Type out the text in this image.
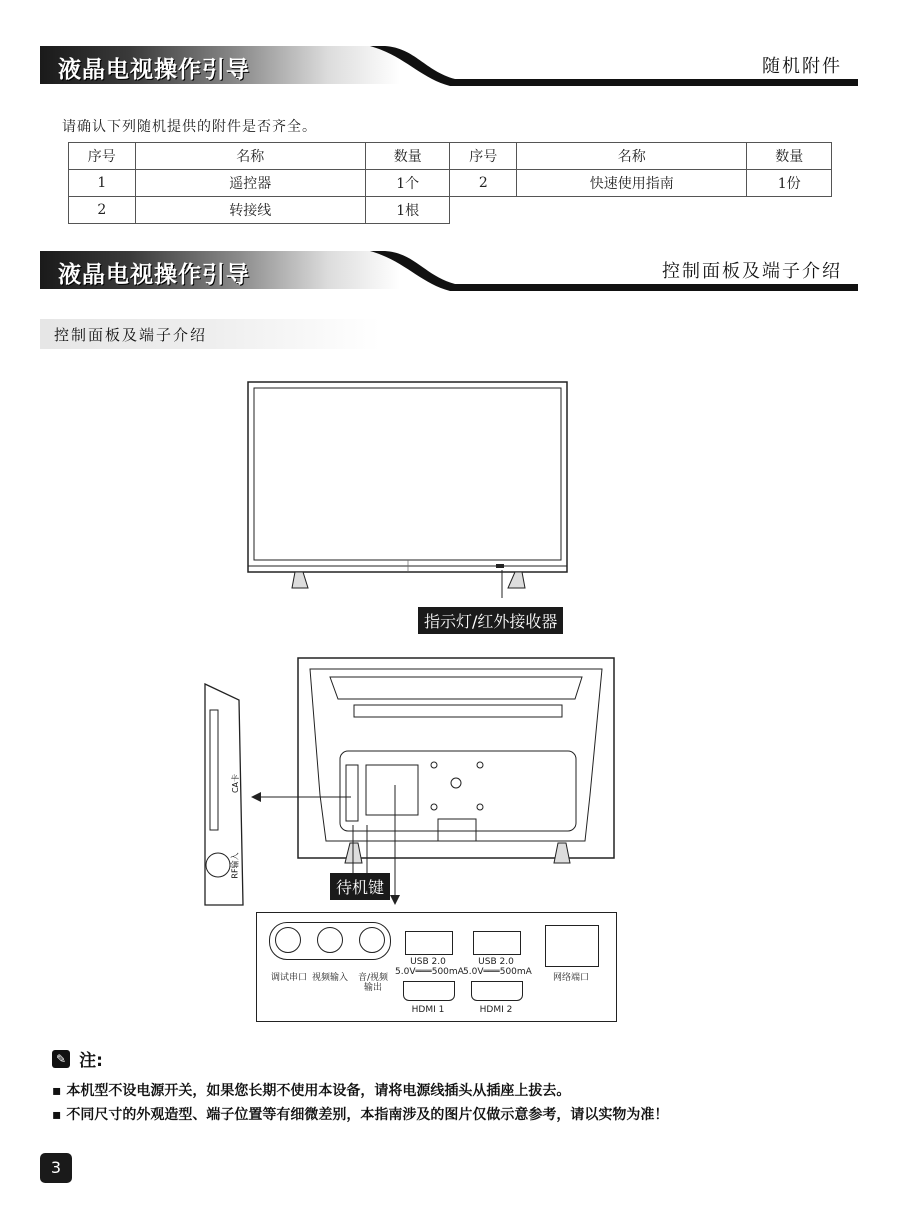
液晶电视操作引导	随机附件
请确认下列随机提供的附件是否齐全。
序号	名称	数量	序号	名称	数量
1	遥控器	1个	2	快速使用指南	1份
2	转接线	1根			
液晶电视操作引导	控制面板及端子介绍
控制面板及端子介绍
指示灯/红外接收器
CA卡
RF输入
待机键
调试串口 视频输入	音/视频
输出
USB 2.0
5.0V═══500mA
USB 2.0
5.0V═══500mA
HDMI 1	HDMI 2
网络端口
✎ 注:
▪ 本机型不设电源开关，如果您长期不使用本设备，请将电源线插头从插座上拔去。
▪ 不同尺寸的外观造型、端子位置等有细微差别，本指南涉及的图片仅做示意参考，请以实物为准！
3
